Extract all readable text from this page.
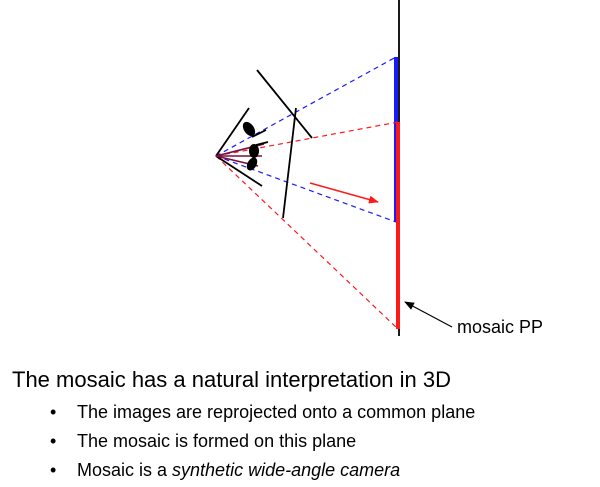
mosaic PP
The mosaic has a natural interpretation in 3D
• The images are reprojected onto a common plane
• The mosaic is formed on this plane
• Mosaic is a synthetic wide-angle camera
